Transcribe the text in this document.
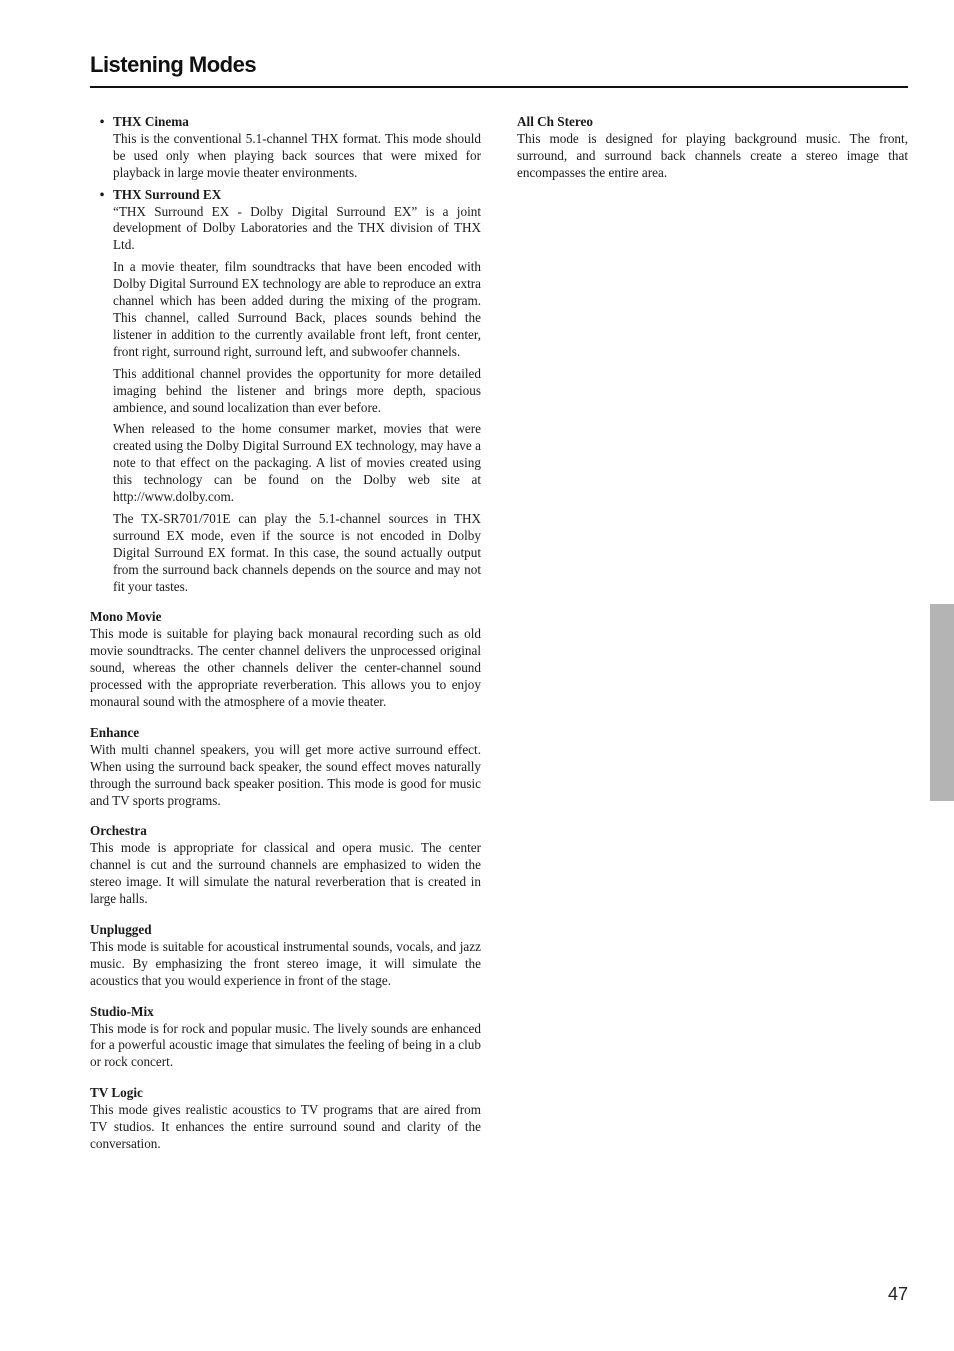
Listening Modes

• THX Cinema

This is the conventional 5.1-channel THX format. This mode should be used only when playing back sources that were mixed for playback in large movie theater environments.

• THX Surround EX

“THX Surround EX - Dolby Digital Surround EX” is a joint development of Dolby Laboratories and the THX division of THX Ltd.

In a movie theater, film soundtracks that have been encoded with Dolby Digital Surround EX technology are able to reproduce an extra channel which has been added during the mixing of the program. This channel, called Surround Back, places sounds behind the listener in addition to the currently available front left, front center, front right, surround right, surround left, and subwoofer channels.

This additional channel provides the opportunity for more detailed imaging behind the listener and brings more depth, spacious ambience, and sound localization than ever before.

When released to the home consumer market, movies that were created using the Dolby Digital Surround EX technology, may have a note to that effect on the packaging. A list of movies created using this technology can be found on the Dolby web site at http://www.dolby.com.

The TX-SR701/701E can play the 5.1-channel sources in THX surround EX mode, even if the source is not encoded in Dolby Digital Surround EX format. In this case, the sound actually output from the surround back channels depends on the source and may not fit your tastes.

Mono Movie

This mode is suitable for playing back monaural recording such as old movie soundtracks. The center channel delivers the unprocessed original sound, whereas the other channels deliver the center-channel sound processed with the appropriate reverberation. This allows you to enjoy monaural sound with the atmosphere of a movie theater.

Enhance

With multi channel speakers, you will get more active surround effect. When using the surround back speaker, the sound effect moves naturally through the surround back speaker position. This mode is good for music and TV sports programs.

Orchestra

This mode is appropriate for classical and opera music. The center channel is cut and the surround channels are emphasized to widen the stereo image. It will simulate the natural reverberation that is created in large halls.

Unplugged

This mode is suitable for acoustical instrumental sounds, vocals, and jazz music. By emphasizing the front stereo image, it will simulate the acoustics that you would experience in front of the stage.

Studio-Mix

This mode is for rock and popular music. The lively sounds are enhanced for a powerful acoustic image that simulates the feeling of being in a club or rock concert.

TV Logic

This mode gives realistic acoustics to TV programs that are aired from TV studios. It enhances the entire surround sound and clarity of the conversation.

All Ch Stereo

This mode is designed for playing background music. The front, surround, and surround back channels create a stereo image that encompasses the entire area.

47
